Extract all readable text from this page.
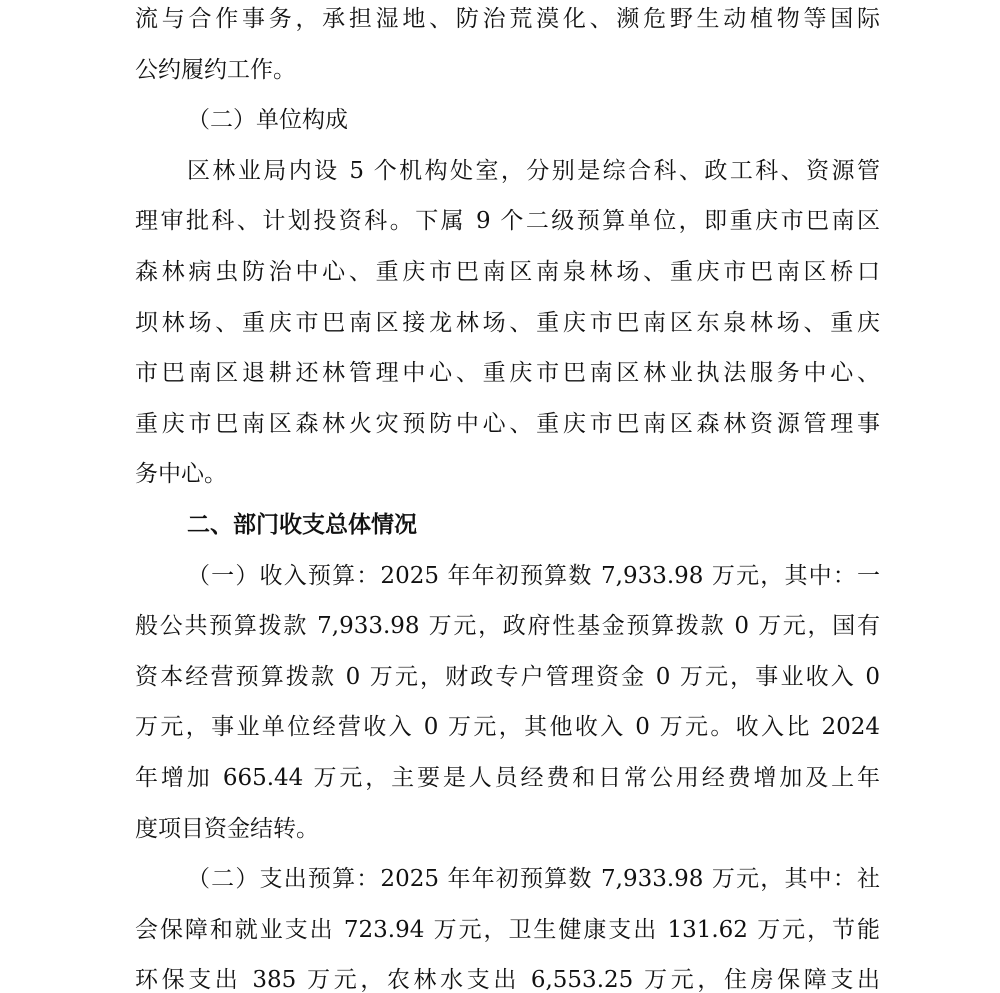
流与合作事务，承担湿地、防治荒漠化、濒危野生动植物等国际
公约履约工作。
（二）单位构成
区林业局内设 5 个机构处室，分别是综合科、政工科、资源管
理审批科、计划投资科。下属 9 个二级预算单位，即重庆市巴南区
森林病虫防治中心、重庆市巴南区南泉林场、重庆市巴南区桥口
坝林场、重庆市巴南区接龙林场、重庆市巴南区东泉林场、重庆
市巴南区退耕还林管理中心、重庆市巴南区林业执法服务中心、
重庆市巴南区森林火灾预防中心、重庆市巴南区森林资源管理事
务中心。
二、部门收支总体情况
（一）收入预算：2025 年年初预算数 7,933.98 万元，其中：一
般公共预算拨款 7,933.98 万元，政府性基金预算拨款 0 万元，国有
资本经营预算拨款 0 万元，财政专户管理资金 0 万元，事业收入 0
万元，事业单位经营收入 0 万元，其他收入 0 万元。收入比 2024
年增加 665.44 万元，主要是人员经费和日常公用经费增加及上年
度项目资金结转。
（二）支出预算：2025 年年初预算数 7,933.98 万元，其中：社
会保障和就业支出 723.94 万元，卫生健康支出 131.62 万元，节能
环保支出 385 万元，农林水支出 6,553.25 万元，住房保障支出
